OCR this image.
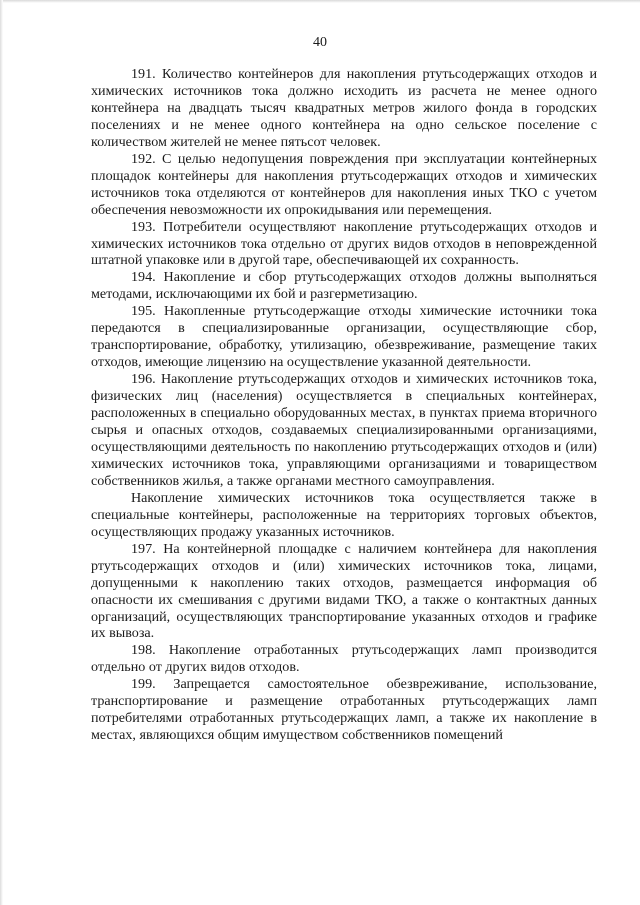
40

191. Количество контейнеров для накопления ртутьсодержащих отходов и химических источников тока должно исходить из расчета не менее одного контейнера на двадцать тысяч квадратных метров жилого фонда в городских поселениях и не менее одного контейнера на одно сельское поселение с количеством жителей не менее пятьсот человек.

192. С целью недопущения повреждения при эксплуатации контейнерных площадок контейнеры для накопления ртутьсодержащих отходов и химических источников тока отделяются от контейнеров для накопления иных ТКО с учетом обеспечения невозможности их опрокидывания или перемещения.

193. Потребители осуществляют накопление ртутьсодержащих отходов и химических источников тока отдельно от других видов отходов в неповрежденной штатной упаковке или в другой таре, обеспечивающей их сохранность.

194. Накопление и сбор ртутьсодержащих отходов должны выполняться методами, исключающими их бой и разгерметизацию.

195. Накопленные ртутьсодержащие отходы химические источники тока передаются в специализированные организации, осуществляющие сбор, транспортирование, обработку, утилизацию, обезвреживание, размещение таких отходов, имеющие лицензию на осуществление указанной деятельности.

196. Накопление ртутьсодержащих отходов и химических источников тока, физических лиц (населения) осуществляется в специальных контейнерах, расположенных в специально оборудованных местах, в пунктах приема вторичного сырья и опасных отходов, создаваемых специализированными организациями, осуществляющими деятельность по накоплению ртутьсодержащих отходов и (или) химических источников тока, управляющими организациями и товариществом собственников жилья, а также органами местного самоуправления.

Накопление химических источников тока осуществляется также в специальные контейнеры, расположенные на территориях торговых объектов, осуществляющих продажу указанных источников.

197. На контейнерной площадке с наличием контейнера для накопления ртутьсодержащих отходов и (или) химических источников тока, лицами, допущенными к накоплению таких отходов, размещается информация об опасности их смешивания с другими видами ТКО, а также о контактных данных организаций, осуществляющих транспортирование указанных отходов и графике их вывоза.

198. Накопление отработанных ртутьсодержащих ламп производится отдельно от других видов отходов.

199. Запрещается самостоятельное обезвреживание, использование, транспортирование и размещение отработанных ртутьсодержащих ламп потребителями отработанных ртутьсодержащих ламп, а также их накопление в местах, являющихся общим имуществом собственников помещений
